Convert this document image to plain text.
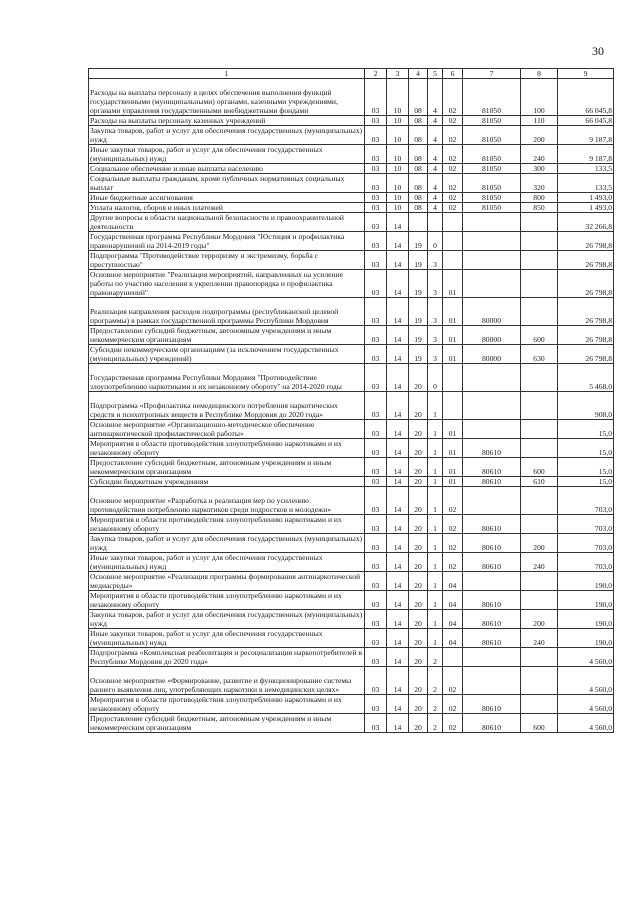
30
1	2	3	4	5	6	7	8	9
Расходы на выплаты персоналу в целях обеспечения выполнения функций государственными (муниципальными) органами, казенными учреждениями, органами управления государственными внебюджетными фондами	03	10	08	4	02	81050	100	66 045,8
Расходы на выплаты персоналу казенных учреждений	03	10	08	4	02	81050	110	66 045,8
Закупка товаров, работ и услуг для обеспечения государственных (муниципальных) нужд	03	10	08	4	02	81050	200	9 187,8
Иные закупки товаров, работ и услуг для обеспечения государственных (муниципальных) нужд	03	10	08	4	02	81050	240	9 187,8
Социальное обеспечение и иные выплаты населению	03	10	08	4	02	81050	300	133,5
Социальные выплаты гражданам, кроме публичных нормативных социальных выплат	03	10	08	4	02	81050	320	133,5
Иные бюджетные ассигнования	03	10	08	4	02	81050	800	1 493,0
Уплата налогов, сборов и иных платежей	03	10	08	4	02	81050	850	1 493,0
Другие вопросы в области национальной безопасности и правоохранительной деятельности	03	14						32 266,8
Государственная программа Республики Мордовия "Юстиция и профилактика правонарушений на 2014-2019 годы"	03	14	19	0				26 798,8
Подпрограмма "Противодействие терроризму и экстремизму, борьба с преступностью"	03	14	19	3				26 798,8
Основное мероприятие "Реализация мероприятий, направленных на усиление работы по участию населения в укреплении правопорядка и профилактика правонарушений"	03	14	19	3	01			26 798,8
Реализация направления расходов подпрограммы (республиканской целевой программы) в рамках государственной программы Республики Мордовия	03	14	19	3	01	80000		26 798,8
Предоставление субсидий бюджетным, автономным учреждениям и иным некоммерческим организациям	03	14	19	3	01	80000	600	26 798,8
Субсидии некоммерческим организациям (за исключением государственных (муниципальных) учреждений)	03	14	19	3	01	80000	630	26 798,8
Государственная программа Республики Мордовия "Противодействие злоупотреблению наркотиками и их незаконному обороту" на 2014-2020 годы	03	14	20	0				5 468,0
Подпрограмма «Профилактика немедицинского потребления наркотических средств и психотропных веществ в Республике Мордовия до 2020 года»	03	14	20	1				908,0
Основное мероприятие «Организационно-методическое обеспечение антинаркотической профилактической работы»	03	14	20	1	01			15,0
Мероприятия в области противодействия злоупотреблению наркотиками и их незаконному обороту	03	14	20	1	01	80610		15,0
Предоставление субсидий бюджетным, автономным учреждениям и иным некоммерческим организациям	03	14	20	1	01	80610	600	15,0
Субсидии бюджетным учреждениям	03	14	20	1	01	80610	610	15,0
Основное мероприятие «Разработка и реализация мер по усилению противодействия потреблению наркотиков среди подростков и молодежи»	03	14	20	1	02			703,0
Мероприятия в области противодействия злоупотреблению наркотиками и их незаконному обороту	03	14	20	1	02	80610		703,0
Закупка товаров, работ и услуг для обеспечения государственных (муниципальных) нужд	03	14	20	1	02	80610	200	703,0
Иные закупки товаров, работ и услуг для обеспечения государственных (муниципальных) нужд	03	14	20	1	02	80610	240	703,0
Основное мероприятие «Реализация программы формирования антинаркотической медиасреды»	03	14	20	1	04			190,0
Мероприятия в области противодействия злоупотреблению наркотиками и их незаконному обороту	03	14	20	1	04	80610		190,0
Закупка товаров, работ и услуг для обеспечения государственных (муниципальных) нужд	03	14	20	1	04	80610	200	190,0
Иные закупки товаров, работ и услуг для обеспечения государственных (муниципальных) нужд	03	14	20	1	04	80610	240	190,0
Подпрограмма «Комплексная реабилитация и ресоциализация наркопотребителей в Республике Мордовия до 2020 года»	03	14	20	2				4 560,0
Основное мероприятие «Формирование, развитие и функционирование системы раннего выявления лиц, употребляющих наркотики в немедицинских целях»	03	14	20	2	02			4 560,0
Мероприятия в области противодействия злоупотреблению наркотиками и их незаконному обороту	03	14	20	2	02	80610		4 560,0
Предоставление субсидий бюджетным, автономным учреждениям и иным некоммерческим организациям	03	14	20	2	02	80610	600	4 560,0
